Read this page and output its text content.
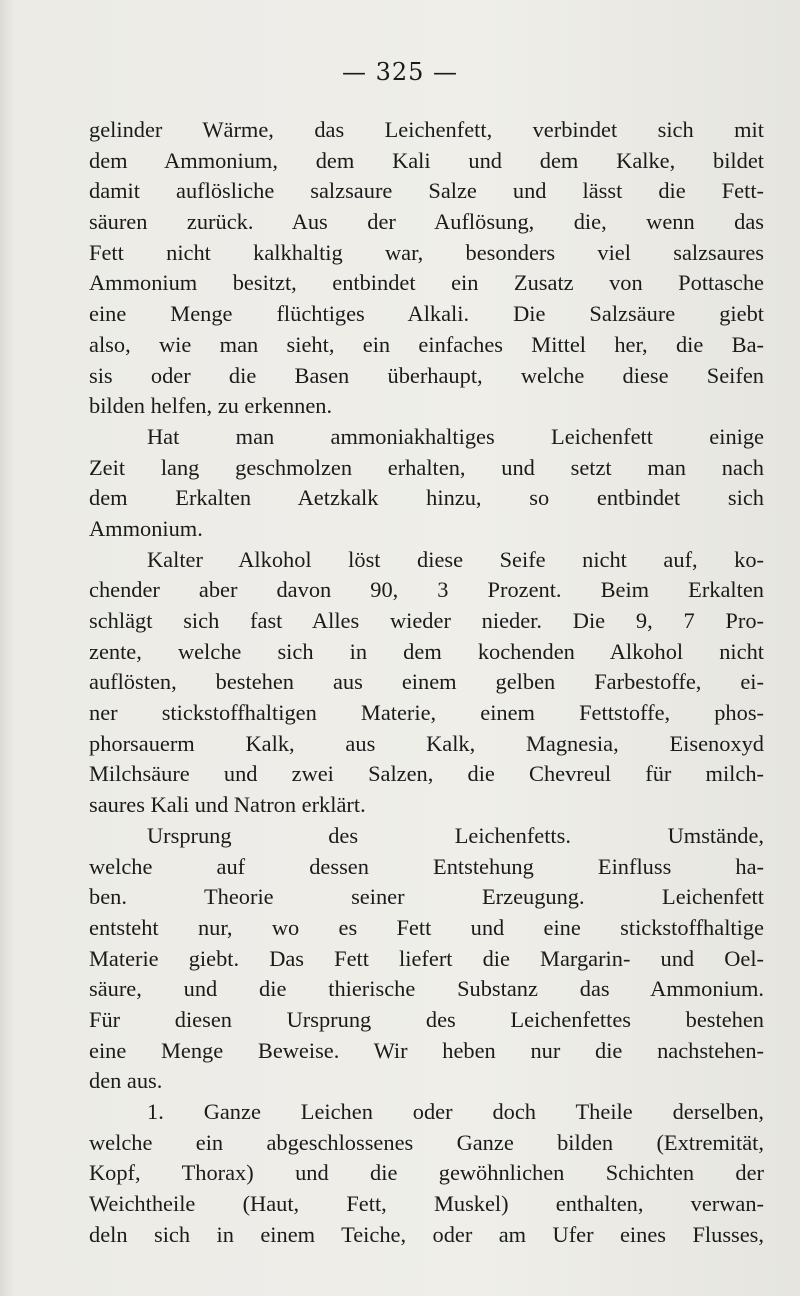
— 325 —
gelinder Wärme, das Leichenfett, verbindet sich mit
dem Ammonium, dem Kali und dem Kalke, bildet
damit auflösliche salzsaure Salze und lässt die Fett-
säuren zurück. Aus der Auflösung, die, wenn das
Fett nicht kalkhaltig war, besonders viel salzsaures
Ammonium besitzt, entbindet ein Zusatz von Pottasche
eine Menge flüchtiges Alkali. Die Salzsäure giebt
also, wie man sieht, ein einfaches Mittel her, die Ba-
sis oder die Basen überhaupt, welche diese Seifen
bilden helfen, zu erkennen.
Hat man ammoniakhaltiges Leichenfett einige
Zeit lang geschmolzen erhalten, und setzt man nach
dem Erkalten Aetzkalk hinzu, so entbindet sich
Ammonium.
Kalter Alkohol löst diese Seife nicht auf, ko-
chender aber davon 90, 3 Prozent. Beim Erkalten
schlägt sich fast Alles wieder nieder. Die 9, 7 Pro-
zente, welche sich in dem kochenden Alkohol nicht
auflösten, bestehen aus einem gelben Farbestoffe, ei-
ner stickstoffhaltigen Materie, einem Fettstoffe, phos-
phorsauerm Kalk, aus Kalk, Magnesia, Eisenoxyd
Milchsäure und zwei Salzen, die Chevreul für milch-
saures Kali und Natron erklärt.
Ursprung des Leichenfetts. Umstände,
welche auf dessen Entstehung Einfluss ha-
ben. Theorie seiner Erzeugung. Leichenfett
entsteht nur, wo es Fett und eine stickstoffhaltige
Materie giebt. Das Fett liefert die Margarin- und Oel-
säure, und die thierische Substanz das Ammonium.
Für diesen Ursprung des Leichenfettes bestehen
eine Menge Beweise. Wir heben nur die nachstehen-
den aus.
1. Ganze Leichen oder doch Theile derselben,
welche ein abgeschlossenes Ganze bilden (Extremität,
Kopf, Thorax) und die gewöhnlichen Schichten der
Weichtheile (Haut, Fett, Muskel) enthalten, verwan-
deln sich in einem Teiche, oder am Ufer eines Flusses,
